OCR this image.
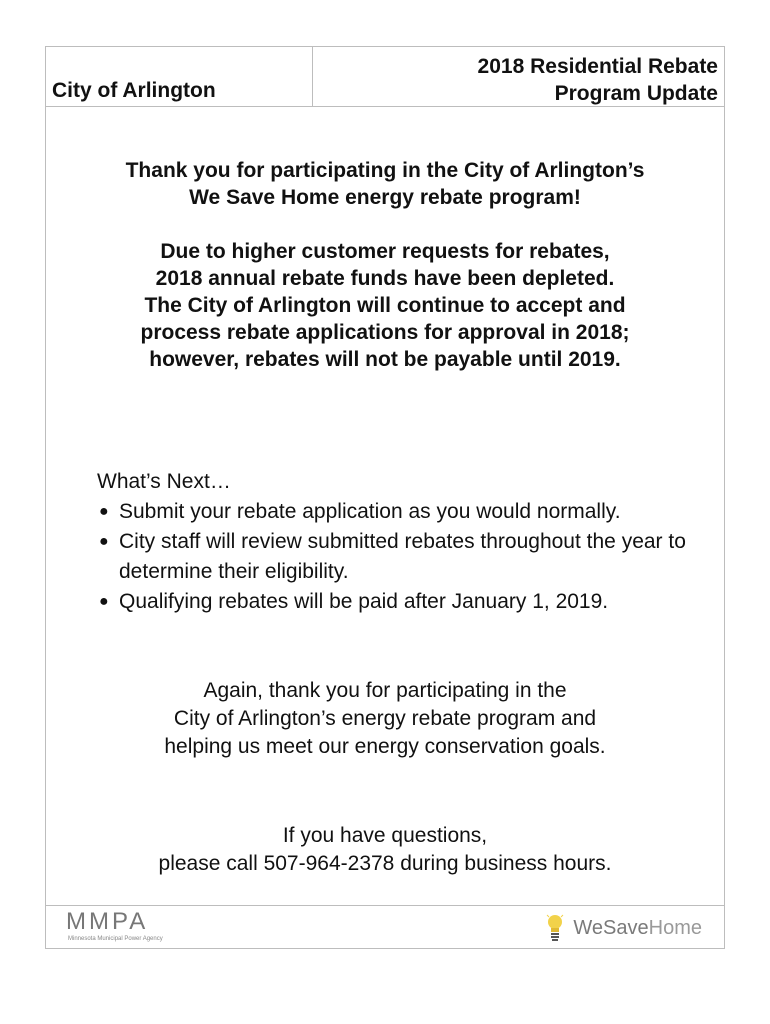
City of Arlington

2018 Residential Rebate
Program Update

Thank you for participating in the City of Arlington’s

We Save Home energy rebate program!

Due to higher customer requests for rebates,

2018 annual rebate funds have been depleted.

The City of Arlington will continue to accept and

process rebate applications for approval in 2018;

however, rebates will not be payable until 2019.

What’s Next…

● Submit your rebate application as you would normally.
● City staff will review submitted rebates throughout the year to determine their eligibility.
● Qualifying rebates will be paid after January 1, 2019.

Again, thank you for participating in the

City of Arlington’s energy rebate program and

helping us meet our energy conservation goals.

If you have questions,

please call 507-964-2378 during business hours.

MMPA
Minnesota Municipal Power Agency
WeSave Home
